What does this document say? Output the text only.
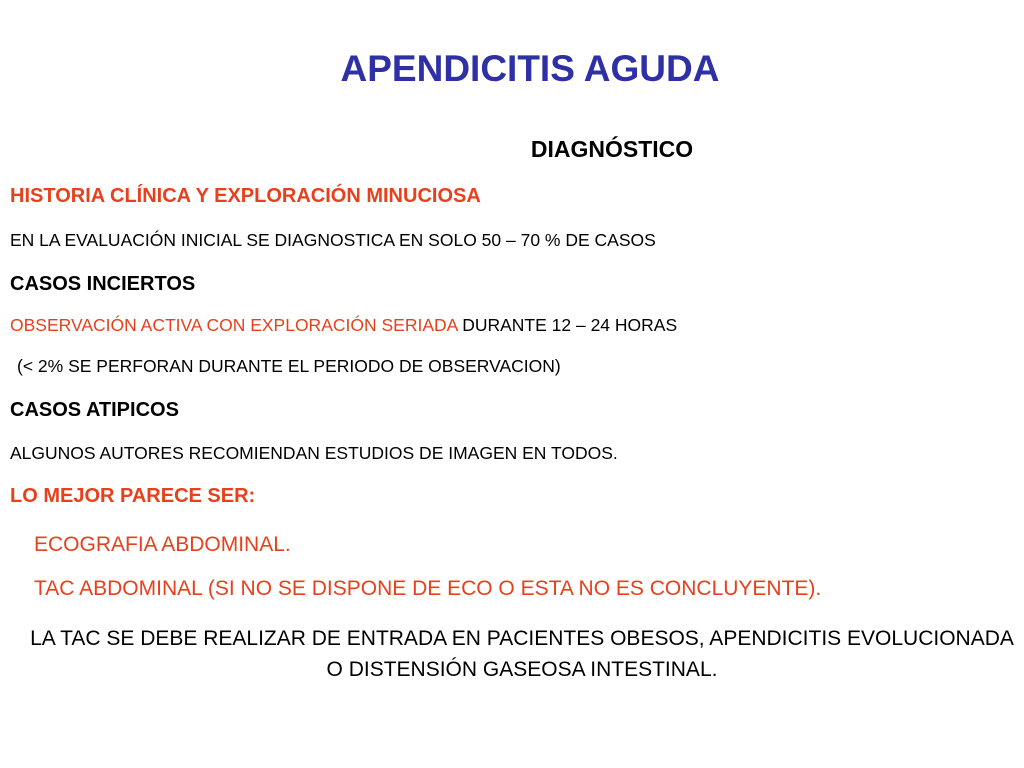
APENDICITIS AGUDA
DIAGNÓSTICO
HISTORIA CLÍNICA Y EXPLORACIÓN MINUCIOSA
EN LA EVALUACIÓN INICIAL SE DIAGNOSTICA EN SOLO 50 – 70 % DE CASOS
CASOS INCIERTOS
OBSERVACIÓN ACTIVA CON EXPLORACIÓN SERIADA DURANTE 12 – 24 HORAS
(< 2% SE PERFORAN DURANTE EL PERIODO DE OBSERVACION)
CASOS ATIPICOS
ALGUNOS AUTORES RECOMIENDAN ESTUDIOS DE IMAGEN EN TODOS.
LO MEJOR PARECE SER:
ECOGRAFIA ABDOMINAL.
TAC ABDOMINAL (SI NO SE DISPONE DE ECO O ESTA NO ES CONCLUYENTE).
LA TAC SE DEBE REALIZAR DE ENTRADA EN PACIENTES OBESOS, APENDICITIS EVOLUCIONADA O DISTENSIÓN GASEOSA INTESTINAL.
